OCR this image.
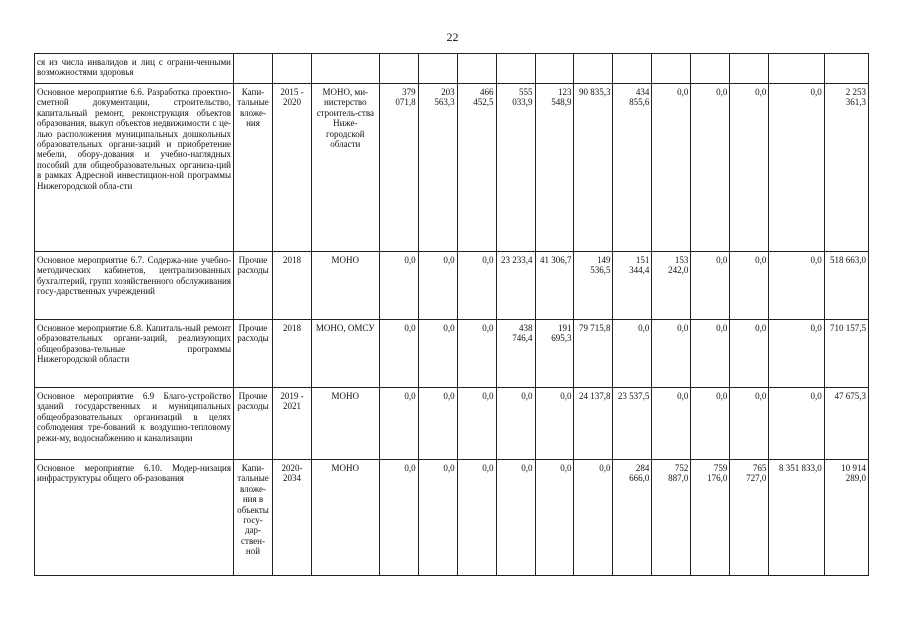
22
ся из числа инвалидов и лиц с ограни-ченными возможностями здоровья															
Основное мероприятие 6.6. Разработка проектно-сметной документации, строительство, капитальный ремонт, реконструкция объектов образования, выкуп объектов недвижимости с це-лью расположения муниципальных дошкольных образовательных органи-заций и приобретение мебели, обору-дования и учебно-наглядных пособий для общеобразовательных организа-ций в рамках Адресной инвестицион-ной программы Нижегородской обла-сти	Капи-тальные вложе-ния	2015 - 2020	МОНО, ми-нистерство строитель-ства Ниже-городской области	379 071,8	203 563,3	466 452,5	555 033,9	123 548,9	90 835,3	434 855,6	0,0	0,0	0,0	0,0	2 253 361,3
Основное мероприятие 6.7. Содержа-ние учебно-методических кабинетов, централизованных бухгалтерий, групп хозяйственного обслуживания госу-дарственных учреждений	Прочие расходы	2018	МОНО	0,0	0,0	0,0	23 233,4	41 306,7	149 536,5	151 344,4	153 242,0	0,0	0,0	0,0	518 663,0
Основное мероприятие 6.8. Капиталь-ный ремонт образовательных органи-заций, реализующих общеобразова-тельные программы Нижегородской области	Прочие расходы	2018	МОНО, ОМСУ	0,0	0,0	0,0	438 746,4	191 695,3	79 715,8	0,0	0,0	0,0	0,0	0,0	710 157,5
Основное мероприятие 6.9 Благо-устройство зданий государственных и муниципальных общеобразовательных организаций в целях соблюдения тре-бований к воздушно-тепловому режи-му, водоснабжению и канализации	Прочие расходы	2019 - 2021	МОНО	0,0	0,0	0,0	0,0	0,0	24 137,8	23 537,5	0,0	0,0	0,0	0,0	47 675,3
Основное мероприятие 6.10. Модер-низация инфраструктуры общего об-разования	Капи-тальные вложе-ния в объекты госу-дар-ствен-ной	2020-2034	МОНО	0,0	0,0	0,0	0,0	0,0	0,0	284 666,0	752 887,0	759 176,0	765 727,0	8 351 833,0	10 914 289,0
